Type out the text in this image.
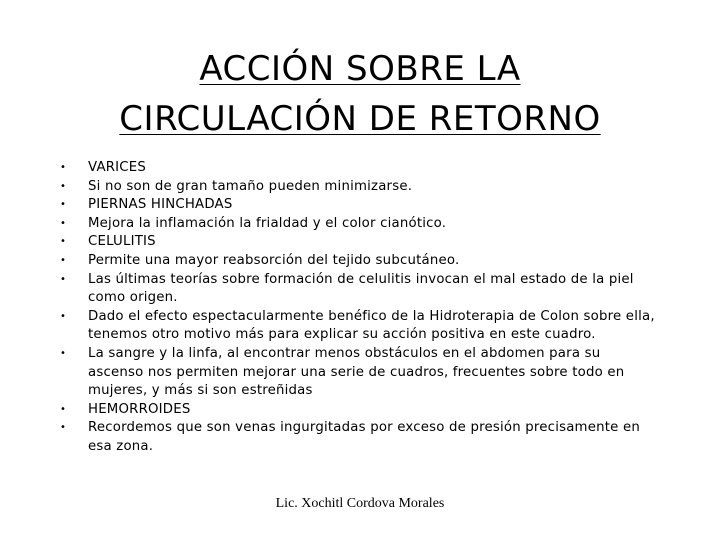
ACCIÓN SOBRE LA
CIRCULACIÓN DE RETORNO
• VARICES
• Si no son de gran tamaño pueden minimizarse.
• PIERNAS HINCHADAS
• Mejora la inflamación la frialdad y el color cianótico.
• CELULITIS
• Permite una mayor reabsorción del tejido subcutáneo.
• Las últimas teorías sobre formación de celulitis invocan el mal estado de la piel como origen.
• Dado el efecto espectacularmente benéfico de la Hidroterapia de Colon sobre ella, tenemos otro motivo más para explicar su acción positiva en este cuadro.
• La sangre y la linfa, al encontrar menos obstáculos en el abdomen para su ascenso nos permiten mejorar una serie de cuadros, frecuentes sobre todo en mujeres, y más si son estreñidas
• HEMORROIDES
• Recordemos que son venas ingurgitadas por exceso de presión precisamente en esa zona.
Lic. Xochitl Cordova Morales
